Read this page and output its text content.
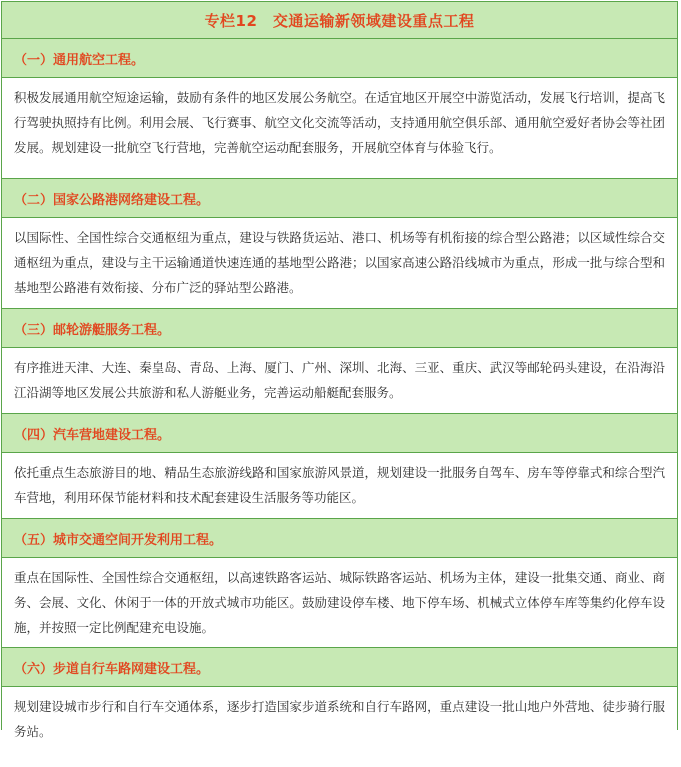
专栏12　交通运输新领域建设重点工程
（一）通用航空工程。
积极发展通用航空短途运输，鼓励有条件的地区发展公务航空。在适宜地区开展空中游览活动，发展飞行培训，提高飞行驾驶执照持有比例。利用会展、飞行赛事、航空文化交流等活动，支持通用航空俱乐部、通用航空爱好者协会等社团发展。规划建设一批航空飞行营地，完善航空运动配套服务，开展航空体育与体验飞行。
（二）国家公路港网络建设工程。
以国际性、全国性综合交通枢纽为重点，建设与铁路货运站、港口、机场等有机衔接的综合型公路港；以区域性综合交通枢纽为重点，建设与主干运输通道快速连通的基地型公路港；以国家高速公路沿线城市为重点，形成一批与综合型和基地型公路港有效衔接、分布广泛的驿站型公路港。
（三）邮轮游艇服务工程。
有序推进天津、大连、秦皇岛、青岛、上海、厦门、广州、深圳、北海、三亚、重庆、武汉等邮轮码头建设，在沿海沿江沿湖等地区发展公共旅游和私人游艇业务，完善运动船艇配套服务。
（四）汽车营地建设工程。
依托重点生态旅游目的地、精品生态旅游线路和国家旅游风景道，规划建设一批服务自驾车、房车等停靠式和综合型汽车营地，利用环保节能材料和技术配套建设生活服务等功能区。
（五）城市交通空间开发利用工程。
重点在国际性、全国性综合交通枢纽，以高速铁路客运站、城际铁路客运站、机场为主体，建设一批集交通、商业、商务、会展、文化、休闲于一体的开放式城市功能区。鼓励建设停车楼、地下停车场、机械式立体停车库等集约化停车设施，并按照一定比例配建充电设施。
（六）步道自行车路网建设工程。
规划建设城市步行和自行车交通体系，逐步打造国家步道系统和自行车路网，重点建设一批山地户外营地、徒步骑行服务站。
